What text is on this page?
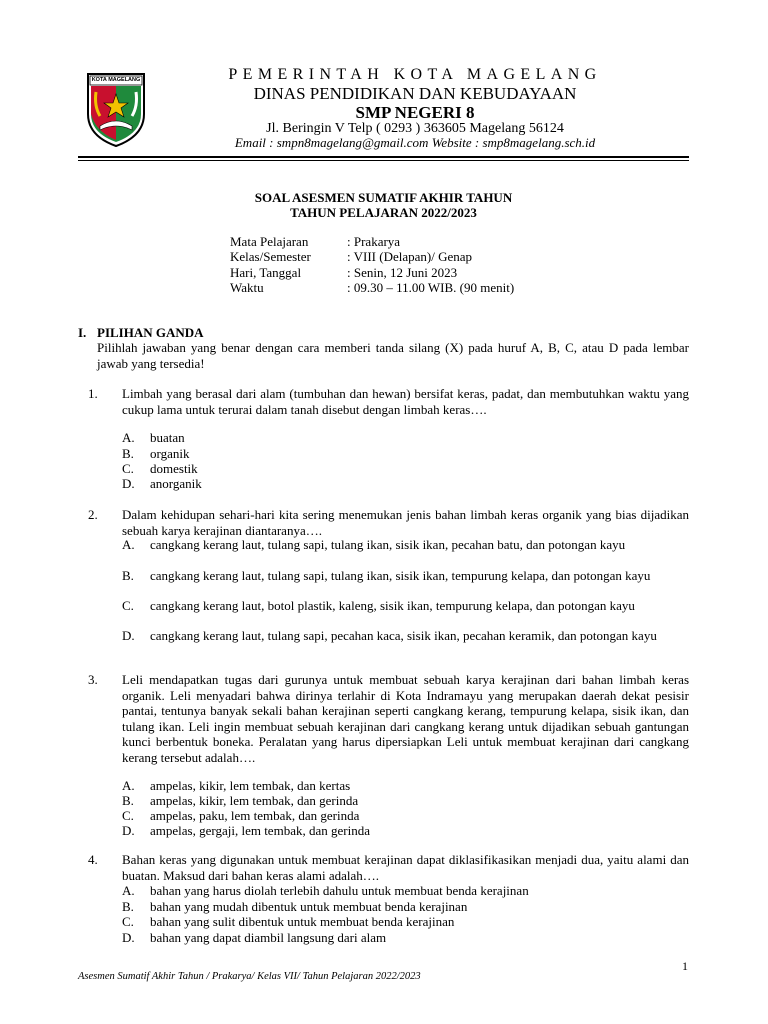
KOTA MAGELANG	PEMERINTAH KOTA MAGELANG
DINAS PENDIDIKAN DAN KEBUDAYAAN
SMP NEGERI 8
Jl. Beringin V Telp ( 0293 ) 363605 Magelang 56124
Email : smpn8magelang@gmail.com Website : smp8magelang.sch.id
SOAL ASESMEN SUMATIF AKHIR TAHUN
TAHUN PELAJARAN 2022/2023
Mata Pelajaran	: Prakarya
Kelas/Semester	: VIII (Delapan)/ Genap
Hari, Tanggal	: Senin, 12 Juni 2023
Waktu	: 09.30 – 11.00 WIB. (90 menit)
I. PILIHAN GANDA
Pilihlah jawaban yang benar dengan cara memberi tanda silang (X) pada huruf A, B, C, atau D pada lembar jawab yang tersedia!
1. Limbah yang berasal dari alam (tumbuhan dan hewan) bersifat keras, padat, dan membutuhkan waktu yang cukup lama untuk terurai dalam tanah disebut dengan limbah keras….
A. buatan
B. organik
C. domestik
D. anorganik
2. Dalam kehidupan sehari-hari kita sering menemukan jenis bahan limbah keras organik yang bias dijadikan sebuah karya kerajinan diantaranya….
A. cangkang kerang laut, tulang sapi, tulang ikan, sisik ikan, pecahan batu, dan potongan kayu
B. cangkang kerang laut, tulang sapi, tulang ikan, sisik ikan, tempurung kelapa, dan potongan kayu
C. cangkang kerang laut, botol plastik, kaleng, sisik ikan, tempurung kelapa, dan potongan kayu
D. cangkang kerang laut, tulang sapi, pecahan kaca, sisik ikan, pecahan keramik, dan potongan kayu
3. Leli mendapatkan tugas dari gurunya untuk membuat sebuah karya kerajinan dari bahan limbah keras organik. Leli menyadari bahwa dirinya terlahir di Kota Indramayu yang merupakan daerah dekat pesisir pantai, tentunya banyak sekali bahan kerajinan seperti cangkang kerang, tempurung kelapa, sisik ikan, dan tulang ikan. Leli ingin membuat sebuah kerajinan dari cangkang kerang untuk dijadikan sebuah gantungan kunci berbentuk boneka. Peralatan yang harus dipersiapkan Leli untuk membuat kerajinan dari cangkang kerang tersebut adalah….
A. ampelas, kikir, lem tembak, dan kertas
B. ampelas, kikir, lem tembak, dan gerinda
C. ampelas, paku, lem tembak, dan gerinda
D. ampelas, gergaji, lem tembak, dan gerinda
4. Bahan keras yang digunakan untuk membuat kerajinan dapat diklasifikasikan menjadi dua, yaitu alami dan buatan. Maksud dari bahan keras alami adalah….
A. bahan yang harus diolah terlebih dahulu untuk membuat benda kerajinan
B. bahan yang mudah dibentuk untuk membuat benda kerajinan
C. bahan yang sulit dibentuk untuk membuat benda kerajinan
D. bahan yang dapat diambil langsung dari alam
1
Asesmen Sumatif Akhir Tahun / Prakarya/ Kelas VII/ Tahun Pelajaran 2022/2023
